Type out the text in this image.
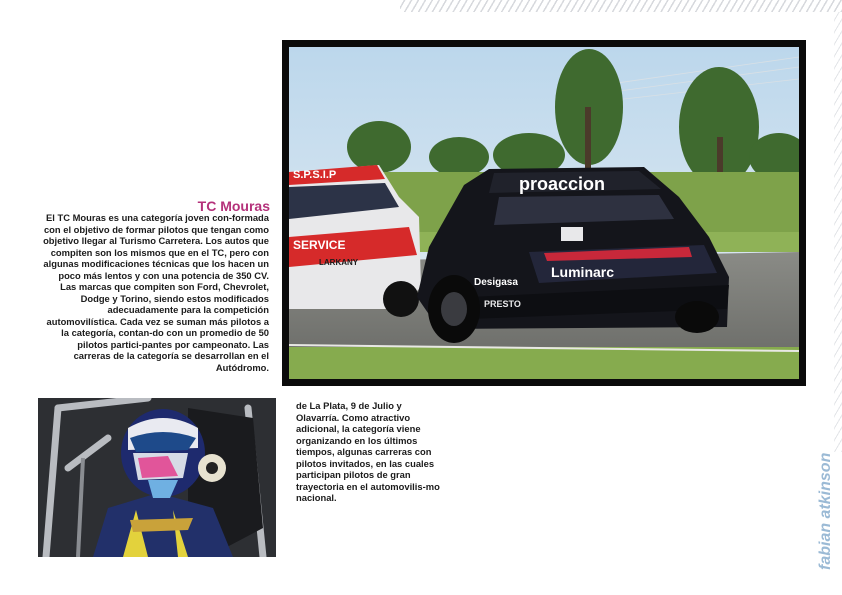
S.P.S.I.P
SERVICE
LARKANY
proaccion
Luminarc
Desigasa
PRESTO
TC Mouras

El TC Mouras es una categoría joven con-formada con el objetivo de formar pilotos que tengan como objetivo llegar al Turismo Carretera. Los autos que compiten son los mismos que en el TC, pero con algunas modificaciones técnicas que los hacen un poco más lentos y con una potencia de 350 CV. Las marcas que compiten son Ford, Chevrolet, Dodge y Torino, siendo estos modificados adecuadamente para la competición automovilística. Cada vez se suman más pilotos a la categoría, contan-do con un promedio de 50 pilotos partici-pantes por campeonato. Las carreras de la categoría se desarrollan en el Autódromo.

de La Plata, 9 de Julio y Olavarría. Como atractivo adicional, la categoría viene organizando en los últimos tiempos, algunas carreras con pilotos invitados, en las cuales participan pilotos de gran trayectoria en el automovilis-mo nacional.	fabian atkinson
